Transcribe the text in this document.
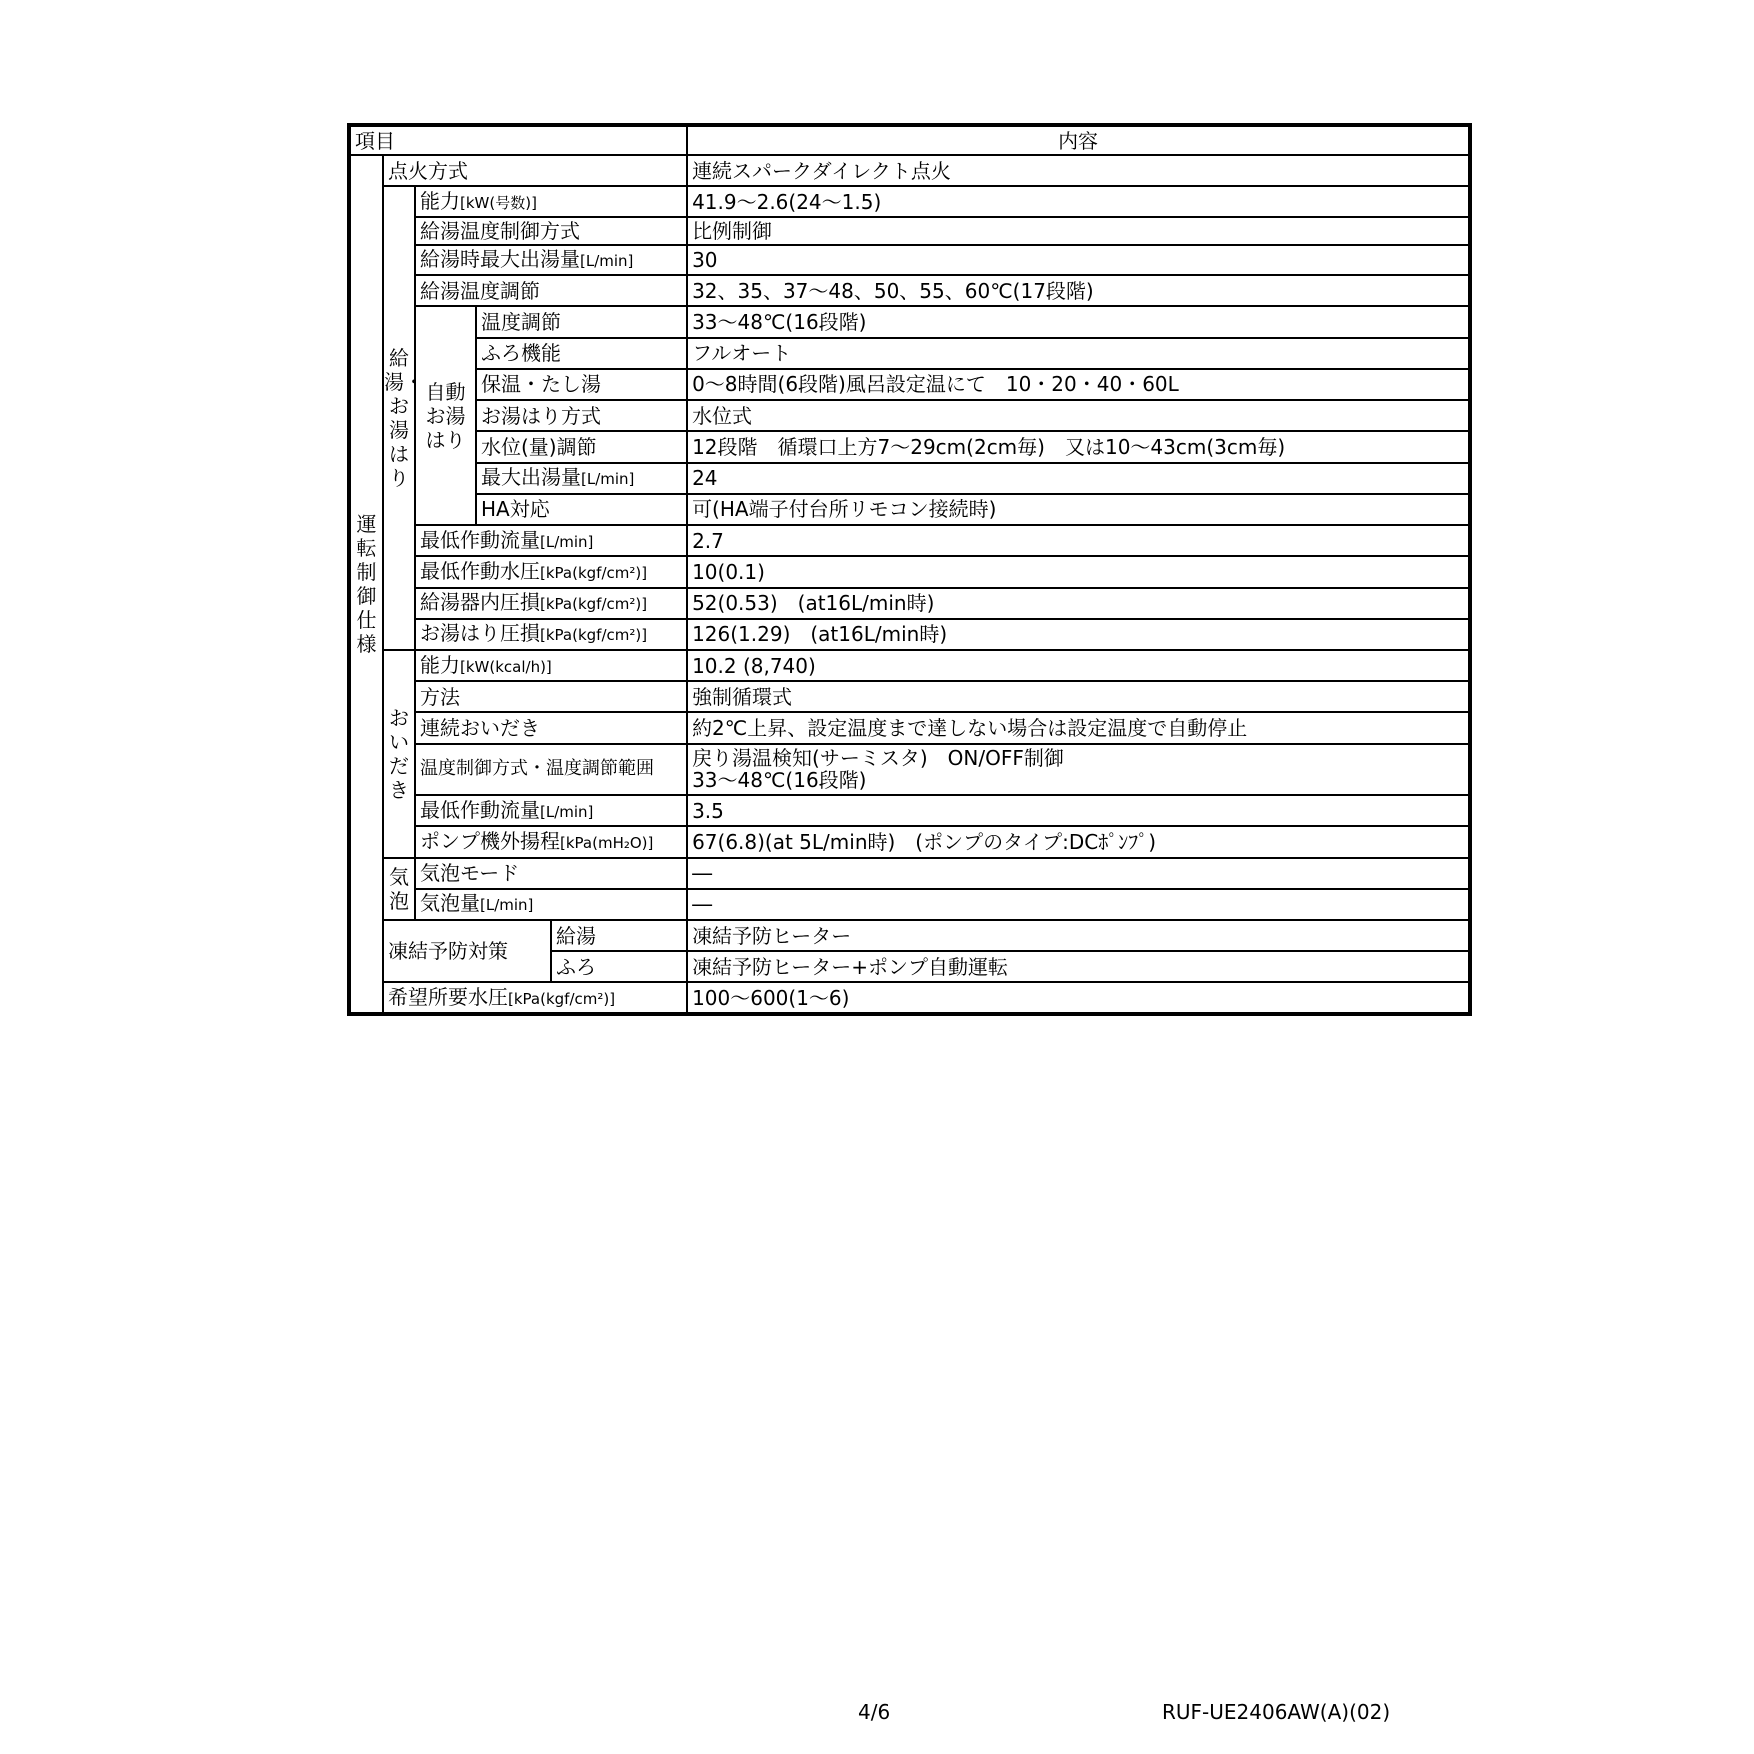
項目					内容
運転制御仕様	点火方式				連続スパークダイレクト点火
	給湯・お湯はり	能力[kW(号数)]			41.9～2.6(24～1.5)
		給湯温度制御方式			比例制御
		給湯時最大出湯量[L/min]			30
		給湯温度調節			32、35、37～48、50、55、60℃(17段階)
		自動お湯はり	温度調節		33～48℃(16段階)
			ふろ機能		フルオート
			保温・たし湯		0～8時間(6段階)風呂設定温にて　10・20・40・60L
			お湯はり方式		水位式
			水位(量)調節		12段階　循環口上方7～29cm(2cm毎)　又は10～43cm(3cm毎)
			最大出湯量[L/min]		24
			HA対応		可(HA端子付台所リモコン接続時)
		最低作動流量[L/min]			2.7
		最低作動水圧[kPa(kgf/cm²)]			10(0.1)
		給湯器内圧損[kPa(kgf/cm²)]			52(0.53)　(at16L/min時)
		お湯はり圧損[kPa(kgf/cm²)]			126(1.29)　(at16L/min時)
	おいだき	能力[kW(kcal/h)]			10.2 (8,740)
		方法			強制循環式
		連続おいだき			約2℃上昇、設定温度まで達しない場合は設定温度で自動停止
		温度制御方式・温度調節範囲			戻り湯温検知(サーミスタ)　ON/OFF制御
33～48℃(16段階)

		最低作動流量[L/min]			3.5
		ポンプ機外揚程[kPa(mH₂O)]			67(6.8)(at 5L/min時)　(ポンプのタイプ:DCﾎﾟﾝﾌﾟ)
	気泡	気泡モード			―
		気泡量[L/min]			―
	凍結予防対策			給湯	凍結予防ヒーター
				ふろ	凍結予防ヒーター+ポンプ自動運転
	希望所要水圧[kPa(kgf/cm²)]				100～600(1～6)
4/6	RUF-UE2406AW(A)(02)
